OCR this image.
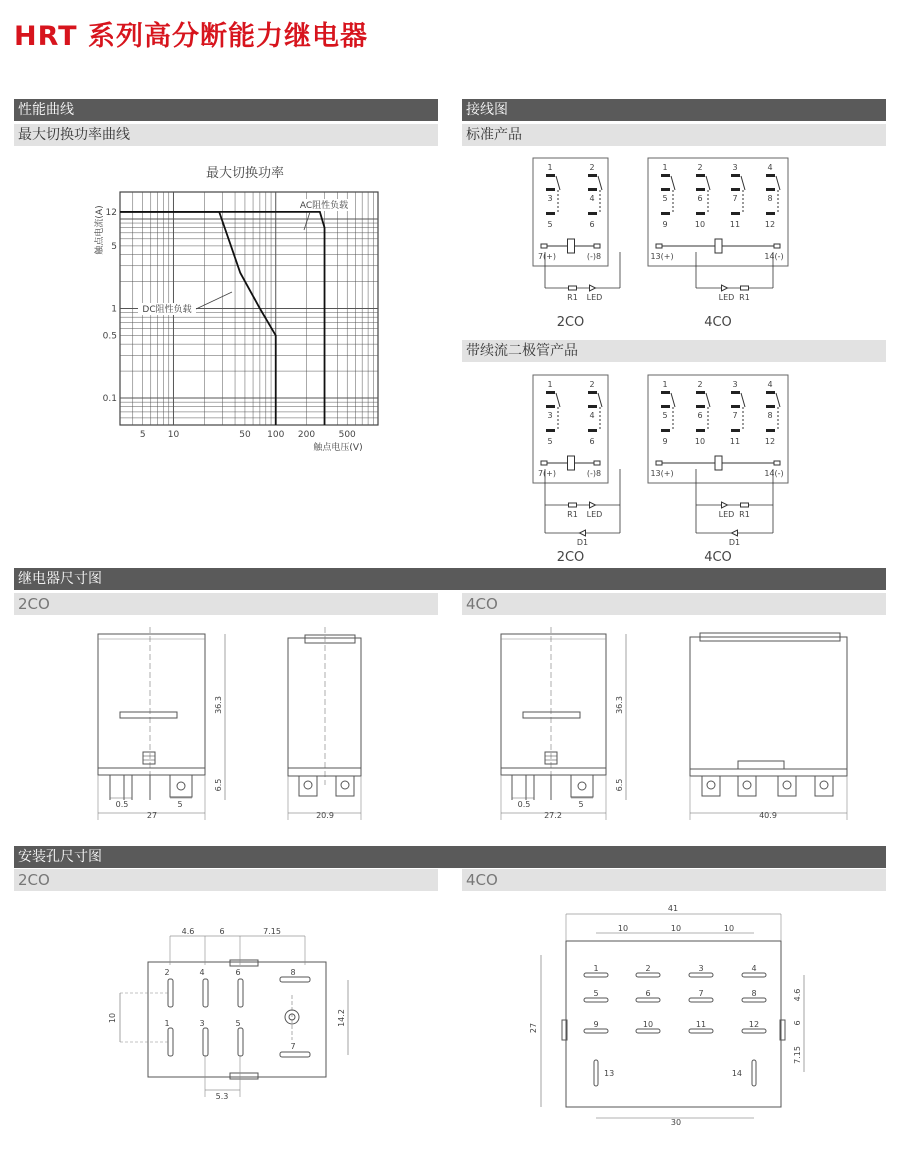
HRT 系列高分断能力继电器
性能曲线
最大切换功率曲线
接线图
标准产品
带续流二极管产品
继电器尺寸图
2CO	4CO
安装孔尺寸图
2CO	4CO
最大切换功率
5 10	50 100 200	500
0.1
0.5
1
5
12
触点电流(A)
触点电压(V)
AC阻性负载
DC阻性负载
1
3
5
2
4
6
7(+)	(-)8
R1 LED
2CO
1
5
9
2
6
10
3
7
11
4
8
12
13(+)	14(-)
R1
LED
4CO
1
3
5
2
4
6
7(+)	(-)8
R1 LED
D1
2CO
1
5
9
2
6
10
3
7
11
4
8
12
13(+)	14(-)
R1
LED
D1
4CO
27
0.5	5
36.3
6.5
20.9	27.2
0.5	5
36.3
6.5
40.9
4.6	6	7.15
2	4	6	8
1	3	5
7
10	14.2
5.3
41
10	10	10
1	2	3	4
5	6	7	8
9	10	11	12
13	14
27
4.6
6
7.15
30
